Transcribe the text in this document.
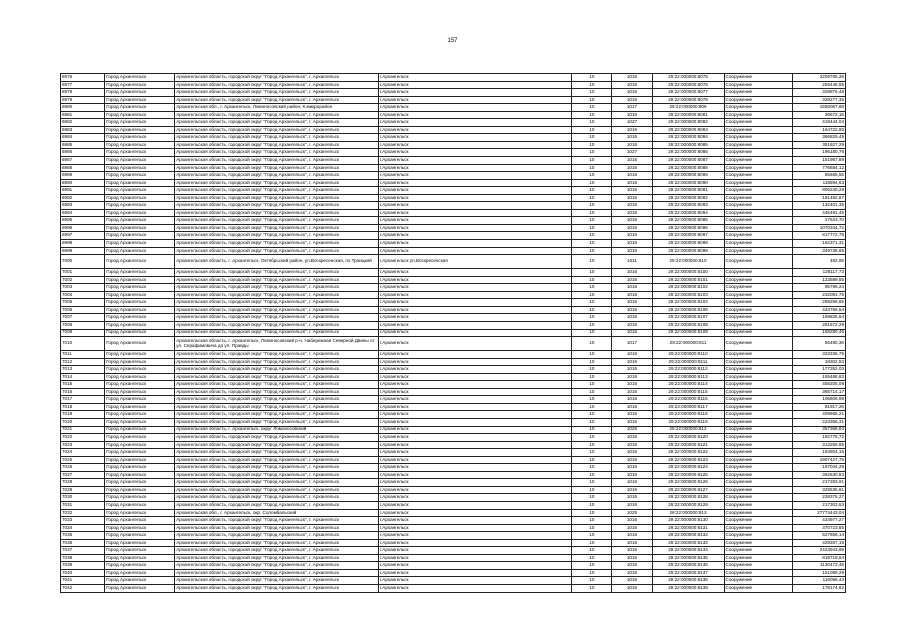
157
6976	Город Архангельск	Архангельская область, городской округ "Город Архангельск", г. Архангельск	г.Архангельск	10	1016	29:22:000000:8075	Сооружение	2209765,28
6977	Город Архангельск	Архангельская область, городской округ "Город Архангельск", г. Архангельск	г.Архангельск	10	1016	29:22:000000:8076	Сооружение	255446,55
6978	Город Архангельск	Архангельская область, городской округ "Город Архангельск", г. Архангельск	г.Архангельск	10	1016	29:22:000000:8077	Сооружение	328876,48
6979	Город Архангельск	Архангельская область, городской округ "Город Архангельск", г. Архангельск	г.Архангельск	10	1016	29:22:000000:8078	Сооружение	328277,35
6980	Город Архангельск	Архангельская обл., г. Архангельск, Ломоносовский район, К.микрорайон	г.Архангельск	10	1017	29:22:000000:806	Сооружение	1556067,68
6981	Город Архангельск	Архангельская область, городской округ "Город Архангельск", г. Архангельск	г.Архангельск	10	1016	29:22:000000:8081	Сооружение	36672,16
6982	Город Архангельск	Архангельская область, городской округ "Город Архангельск", г. Архангельск	г.Архангельск	10	1027	29:22:000000:8082	Сооружение	418444,04
6983	Город Архангельск	Архангельская область, городской округ "Город Архангельск", г. Архангельск	г.Архангельск	10	1016	29:22:000000:8083	Сооружение	164722,80
6984	Город Архангельск	Архангельская область, городской округ "Город Архангельск", г. Архангельск	г.Архангельск	10	1016	29:22:000000:8084	Сооружение	366829,49
6985	Город Архангельск	Архангельская область, городской округ "Город Архангельск", г. Архангельск	г.Архангельск	10	1016	29:22:000000:8085	Сооружение	351627,29
6986	Город Архангельск	Архангельская область, городской округ "Город Архангельск", г. Архангельск	г.Архангельск	10	1027	29:22:000000:8086	Сооружение	196180,76
6987	Город Архангельск	Архангельская область, городской округ "Город Архангельск", г. Архангельск	г.Архангельск	10	1016	29:22:000000:8087	Сооружение	151987,89
6988	Город Архангельск	Архангельская область, городской округ "Город Архангельск", г. Архангельск	г.Архангельск	10	1016	29:22:000000:8088	Сооружение	776684,12
6989	Город Архангельск	Архангельская область, городской округ "Город Архангельск", г. Архангельск	г.Архангельск	10	1016	29:22:000000:8089	Сооружение	85665,55
6990	Город Архангельск	Архангельская область, городской округ "Город Архангельск", г. Архангельск	г.Архангельск	10	1016	29:22:000000:8090	Сооружение	118594,63
6991	Город Архангельск	Архангельская область, городской округ "Город Архангельск", г. Архангельск	г.Архангельск	10	1016	29:22:000000:8091	Сооружение	806240,28
6992	Город Архангельск	Архангельская область, городской округ "Город Архангельск", г. Архангельск	г.Архангельск	10	1016	29:22:000000:8092	Сооружение	151482,67
6993	Город Архангельск	Архангельская область, городской округ "Город Архангельск", г. Архангельск	г.Архангельск	10	1016	29:22:000000:8093	Сооружение	132401,35
6994	Город Архангельск	Архангельская область, городской округ "Город Архангельск", г. Архангельск	г.Архангельск	10	1016	29:22:000000:8094	Сооружение	445491,45
6995	Город Архангельск	Архангельская область, городской округ "Город Архангельск", г. Архангельск	г.Архангельск	10	1016	29:22:000000:8095	Сооружение	17523,70
6996	Город Архангельск	Архангельская область, городской округ "Город Архангельск", г. Архангельск	г.Архангельск	10	1016	29:22:000000:8096	Сооружение	1070344,72
6997	Город Архангельск	Архангельская область, городской округ "Город Архангельск", г. Архангельск	г.Архангельск	10	1016	29:22:000000:8097	Сооружение	817772,76
6998	Город Архангельск	Архангельская область, городской округ "Город Архангельск", г. Архангельск	г.Архангельск	10	1016	29:22:000000:8098	Сооружение	162371,31
6999	Город Архангельск	Архангельская область, городской округ "Город Архангельск", г. Архангельск	г.Архангельск	10	1016	29:22:000000:8099	Сооружение	349738,65
7000	Город Архангельск	Архангельская область, г. Архангельск, Октябрьский район, ул.Воскресенская, по Троицкий	г.Архангельск ул.Воскресенская	10	1011	29:22:000000:810	Сооружение	482,65
7001	Город Архангельск	Архангельская область, городской округ "Город Архангельск", г. Архангельск	г.Архангельск	10	1016	29:22:000000:8100	Сооружение	128117,73
7002	Город Архангельск	Архангельская область, городской округ "Город Архангельск", г. Архангельск	г.Архангельск	10	1016	29:22:000000:8101	Сооружение	133589,55
7003	Город Архангельск	Архангельская область, городской округ "Город Архангельск", г. Архангельск	г.Архангельск	10	1016	29:22:000000:8102	Сооружение	95796,24
7004	Город Архангельск	Архангельская область, городской округ "Город Архангельск", г. Архангельск	г.Архангельск	10	1016	29:22:000000:8103	Сооружение	232091,75
7005	Город Архангельск	Архангельская область, городской округ "Город Архангельск", г. Архангельск	г.Архангельск	10	1016	29:22:000000:8104	Сооружение	289256,85
7006	Город Архангельск	Архангельская область, городской округ "Город Архангельск", г. Архангельск	г.Архангельск	10	1016	29:22:000000:8106	Сооружение	443766,54
7007	Город Архангельск	Архангельская область, городской округ "Город Архангельск", г. Архангельск	г.Архангельск	10	1016	29:22:000000:8107	Сооружение	159828,64
7008	Город Архангельск	Архангельская область, городской округ "Город Архангельск", г. Архангельск	г.Архангельск	10	1016	29:22:000000:8108	Сооружение	281672,29
7009	Город Архангельск	Архангельская область, городской округ "Город Архангельск", г. Архангельск	г.Архангельск	10	1016	29:22:000000:8109	Сооружение	168280,46
7010	Город Архангельск	Архангельская область, г. Архангельск, Ломоносовский р-н, Набережная Северной Двины от ул. Серафимовича до ул. Правды	г.Архангельск	10	1017	29:22:000000:811	Сооружение	56490,36
7011	Город Архангельск	Архангельская область, городской округ "Город Архангельск", г. Архангельск	г.Архангельск	10	1016	29:22:000000:8110	Сооружение	333336,75
7012	Город Архангельск	Архангельская область, городской округ "Город Архангельск", г. Архангельск	г.Архангельск	10	1016	29:22:000000:8111	Сооружение	18302,53
7013	Город Архангельск	Архангельская область, городской округ "Город Архангельск", г. Архангельск	г.Архангельск	10	1016	29:22:000000:8112	Сооружение	177352,03
7014	Город Архангельск	Архангельская область, городской округ "Город Архангельск", г. Архангельск	г.Архангельск	10	1016	29:22:000000:8113	Сооружение	155488,63
7015	Город Архангельск	Архангельская область, городской округ "Город Архангельск", г. Архангельск	г.Архангельск	10	1016	29:22:000000:8114	Сооружение	458205,08
7016	Город Архангельск	Архангельская область, городской округ "Город Архангельск", г. Архангельск	г.Архангельск	10	1016	29:22:000000:8115	Сооружение	365714,17
7017	Город Архангельск	Архангельская область, городской округ "Город Архангельск", г. Архангельск	г.Архангельск	10	1016	29:22:000000:8116	Сооружение	106606,98
7018	Город Архангельск	Архангельская область, городской округ "Город Архангельск", г. Архангельск	г.Архангельск	10	1016	29:22:000000:8117	Сооружение	81917,26
7019	Город Архангельск	Архангельская область, городской округ "Город Архангельск", г. Архангельск	г.Архангельск	10	1016	29:22:000000:8118	Сооружение	409665,21
7020	Город Архангельск	Архангельская область, городской округ "Город Архангельск", г. Архангельск	г.Архангельск	10	1016	29:22:000000:8119	Сооружение	223356,31
7021	Город Архангельск	Архангельская область, г. Архангельск, округ Ломоносовский	г.Архангельск	10	1025	29:22:000000:812	Сооружение	357368,93
7022	Город Архангельск	Архангельская область, городской округ "Город Архангельск", г. Архангельск	г.Архангельск	10	1016	29:22:000000:8120	Сооружение	162775,72
7023	Город Архангельск	Архангельская область, городской округ "Город Архангельск", г. Архангельск	г.Архангельск	10	1016	29:22:000000:8121	Сооружение	313259,85
7024	Город Архангельск	Архангельская область, городской округ "Город Архангельск", г. Архангельск	г.Архангельск	10	1016	29:22:000000:8122	Сооружение	183804,16
7025	Город Архангельск	Архангельская область, городской округ "Город Архангельск", г. Архангельск	г.Архангельск	10	1016	29:22:000000:8123	Сооружение	1907427,79
7026	Город Архангельск	Архангельская область, городской округ "Город Архангельск", г. Архангельск	г.Архангельск	10	1016	29:22:000000:8124	Сооружение	197044,29
7027	Город Архангельск	Архангельская область, городской округ "Город Архангельск", г. Архангельск	г.Архангельск	10	1016	29:22:000000:8125	Сооружение	362530,83
7028	Город Архангельск	Архангельская область, городской округ "Город Архангельск", г. Архангельск	г.Архангельск	10	1016	29:22:000000:8126	Сооружение	217293,91
7029	Город Архангельск	Архангельская область, городской округ "Город Архангельск", г. Архангельск	г.Архангельск	10	1016	29:22:000000:8127	Сооружение	329535,61
7030	Город Архангельск	Архангельская область, городской округ "Город Архангельск", г. Архангельск	г.Архангельск	10	1016	29:22:000000:8128	Сооружение	238375,27
7031	Город Архангельск	Архангельская область, городской округ "Город Архангельск", г. Архангельск	г.Архангельск	10	1016	29:22:000000:8129	Сооружение	217303,53
7032	Город Архангельск	Архангельская обл., г. Архангельск, окр. Соломбальский	г.Архангельск	10	1025	29:22:000000:813	Сооружение	27774443,04
7033	Город Архангельск	Архангельская область, городской округ "Город Архангельск", г. Архангельск	г.Архангельск	10	1016	29:22:000000:8130	Сооружение	434977,27
7034	Город Архангельск	Архангельская область, городской округ "Город Архангельск", г. Архангельск	г.Архангельск	10	1016	29:22:000000:8131	Сооружение	370723,85
7035	Город Архангельск	Архангельская область, городской округ "Город Архангельск", г. Архангельск	г.Архангельск	10	1016	29:22:000000:8132	Сооружение	527656,14
7036	Город Архангельск	Архангельская область, городской округ "Город Архангельск", г. Архангельск	г.Архангельск	10	1016	29:22:000000:8133	Сооружение	429287,19
7037	Город Архангельск	Архангельская область, городской округ "Город Архангельск", г. Архангельск	г.Архангельск	10	1016	29:22:000000:8134	Сооружение	2423943,89
7038	Город Архангельск	Архангельская область, городской округ "Город Архангельск", г. Архангельск	г.Архангельск	10	1016	29:22:000000:8135	Сооружение	819719,84
7039	Город Архангельск	Архангельская область, городской округ "Город Архангельск", г. Архангельск	г.Архангельск	10	1016	29:22:000000:8136	Сооружение	1130473,46
7040	Город Архангельск	Архангельская область, городской округ "Город Архангельск", г. Архангельск	г.Архангельск	10	1016	29:22:000000:8137	Сооружение	151089,29
7041	Город Архангельск	Архангельская область, городской округ "Город Архангельск", г. Архангельск	г.Архангельск	10	1016	29:22:000000:8138	Сооружение	116056,43
7042	Город Архангельск	Архангельская область, городской округ "Город Архангельск", г. Архангельск	г.Архангельск	10	1016	29:22:000000:8139	Сооружение	178174,62
